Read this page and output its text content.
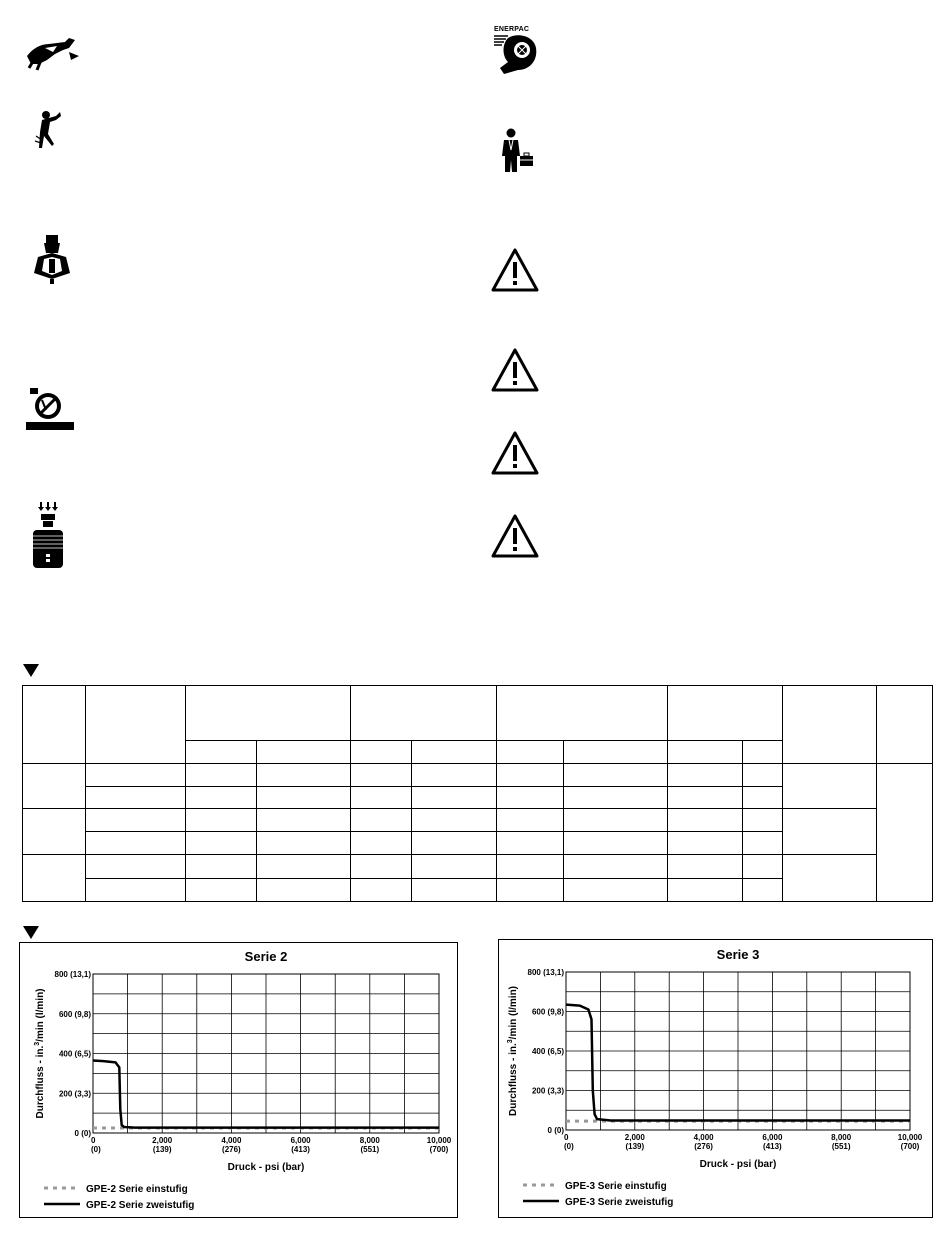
ENERPAC

Serie 2
0 (0)
200 (3,3)
400 (6,5)
600 (9,8)
800 (13,1)
0
(0)
2,000
(139)
4,000
(276)
6,000
(413)
8,000
(551)
10,000
(700)
Durchfluss - in.$^3$/min (l/min)
Druck - psi (bar)
GPE-2 Serie einstufig
GPE-2 Serie zweistufig
Serie 3
0 (0)
200 (3,3)
400 (6,5)
600 (9,8)
800 (13,1)
0
(0)
2,000
(139)
4,000
(276)
6,000
(413)
8,000
(551)
10,000
(700)
Durchfluss - in.$^3$/min (l/min)
Druck - psi (bar)
GPE-3 Serie einstufig
GPE-3 Serie zweistufig
